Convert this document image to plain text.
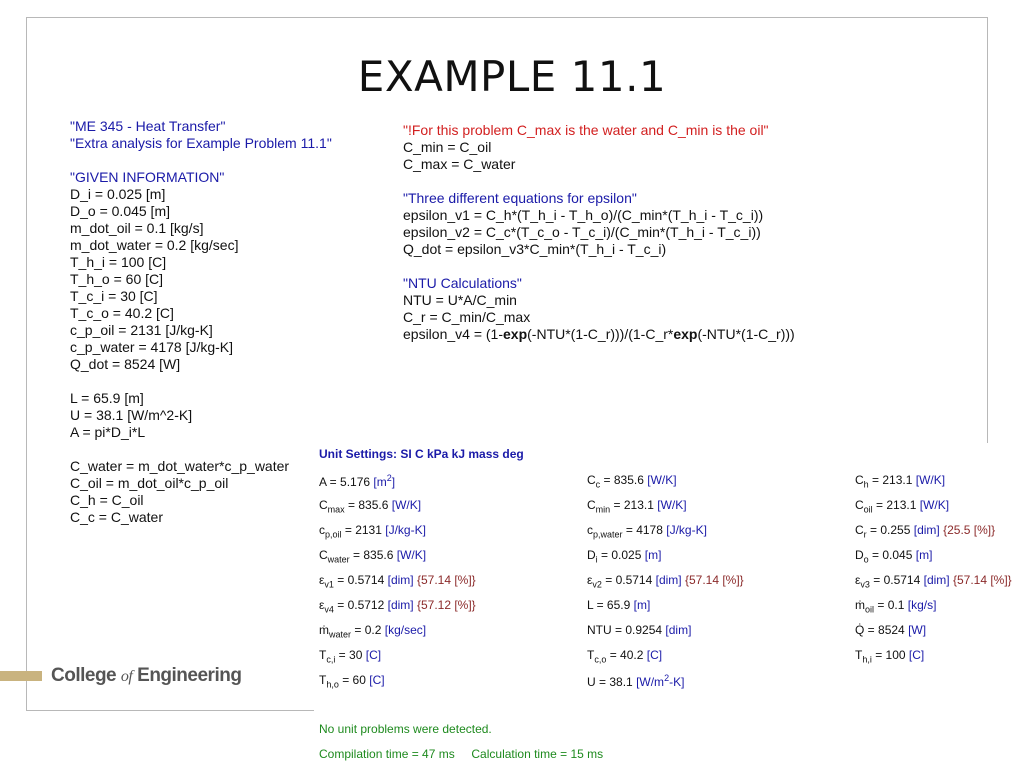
EXAMPLE 11.1
"ME 345 - Heat Transfer"
"Extra analysis for Example Problem 11.1"
"GIVEN INFORMATION"
D_i = 0.025 [m]
D_o = 0.045 [m]
m_dot_oil = 0.1 [kg/s]
m_dot_water = 0.2 [kg/sec]
T_h_i = 100 [C]
T_h_o = 60 [C]
T_c_i = 30 [C]
T_c_o = 40.2 [C]
c_p_oil = 2131 [J/kg-K]
c_p_water = 4178 [J/kg-K]
Q_dot = 8524 [W]
L = 65.9 [m]
U = 38.1 [W/m^2-K]
A = pi*D_i*L
C_water = m_dot_water*c_p_water
C_oil = m_dot_oil*c_p_oil
C_h = C_oil
C_c = C_water
"!For this problem C_max is the water and C_min is the oil"
C_min = C_oil
C_max = C_water
"Three different equations for epsilon"
epsilon_v1 = C_h*(T_h_i - T_h_o)/(C_min*(T_h_i - T_c_i))
epsilon_v2 = C_c*(T_c_o - T_c_i)/(C_min*(T_h_i - T_c_i))
Q_dot = epsilon_v3*C_min*(T_h_i - T_c_i)
"NTU Calculations"
NTU = U*A/C_min
C_r = C_min/C_max
epsilon_v4 = (1-exp(-NTU*(1-C_r)))/(1-C_r*exp(-NTU*(1-C_r)))
College of Engineering
Unit Settings: SI C kPa kJ mass deg
A = 5.176 $[m^2]$	$C_c = 835.6$ [W/K]	$C_h = 213.1$ [W/K]
$C_{max} = 835.6$ [W/K]	$C_{min} = 213.1$ [W/K]	$C_{oil} = 213.1$ [W/K]
$c_{p,oil} = 2131$ [J/kg-K]	$c_{p,water} = 4178$ [J/kg-K]	$C_r = 0.255$ [dim] {25.5 [%]}
$C_{water} = 835.6$ [W/K]	$D_i = 0.025$ [m]	$D_o = 0.045$ [m]
$\varepsilon_{v1} = 0.5714$ [dim] {57.14 [%]}	$\varepsilon_{v2} = 0.5714$ [dim] {57.14 [%]}	$\varepsilon_{v3} = 0.5714$ [dim] {57.14 [%]}
$\varepsilon_{v4} = 0.5712$ [dim] {57.12 [%]}	L = 65.9 [m]	ṁ$_{oil}$ = 0.1 [kg/s]
ṁ$_{water}$ = 0.2 [kg/sec]	NTU = 0.9254 [dim]	Q̇ = 8524 [W]
$T_{c,i} = 30$ [C]	$T_{c,o} = 40.2$ [C]	$T_{h,i} = 100$ [C]
$T_{h,o} = 60$ [C]	U = 38.1 $[W/m^2-K]$
No unit problems were detected.
Compilation time = 47 ms     Calculation time = 15 ms
